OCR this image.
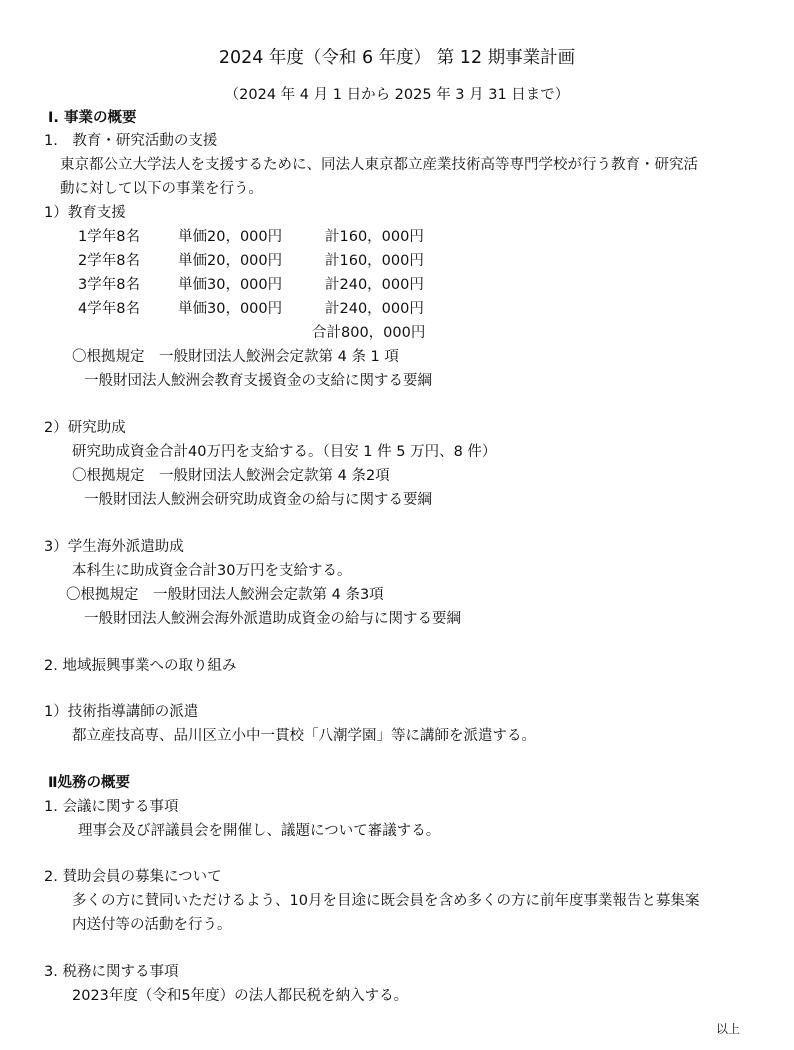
2024 年度（令和 6 年度） 第 12 期事業計画
（2024 年 4 月 1 日から 2025 年 3 月 31 日まで）
Ⅰ. 事業の概要
1.　教育・研究活動の支援
東京都公立大学法人を支援するために、同法人東京都立産業技術高等専門学校が行う教育・研究活
動に対して以下の事業を行う。
1）教育支援
1学年8名	単価20，000円	計160，000円
2学年8名	単価20，000円	計160，000円
3学年8名	単価30，000円	計240，000円
4学年8名	単価30，000円	計240，000円
合計800，000円
〇根拠規定　一般財団法人鮫洲会定款第 4 条 1 項
一般財団法人鮫洲会教育支援資金の支給に関する要綱
2）研究助成
研究助成資金合計40万円を支給する。（目安 1 件 5 万円、8 件）
〇根拠規定　一般財団法人鮫洲会定款第 4 条2項
一般財団法人鮫洲会研究助成資金の給与に関する要綱
3）学生海外派遣助成
本科生に助成資金合計30万円を支給する。
〇根拠規定　一般財団法人鮫洲会定款第 4 条3項
一般財団法人鮫洲会海外派遣助成資金の給与に関する要綱
2. 地域振興事業への取り組み
1）技術指導講師の派遣
都立産技高専、品川区立小中一貫校「八潮学園」等に講師を派遣する。
Ⅱ処務の概要
1. 会議に関する事項
理事会及び評議員会を開催し、議題について審議する。
2. 賛助会員の募集について
多くの方に賛同いただけるよう、10月を目途に既会員を含め多くの方に前年度事業報告と募集案
内送付等の活動を行う。
3. 税務に関する事項
2023年度（令和5年度）の法人都民税を納入する。
以上
